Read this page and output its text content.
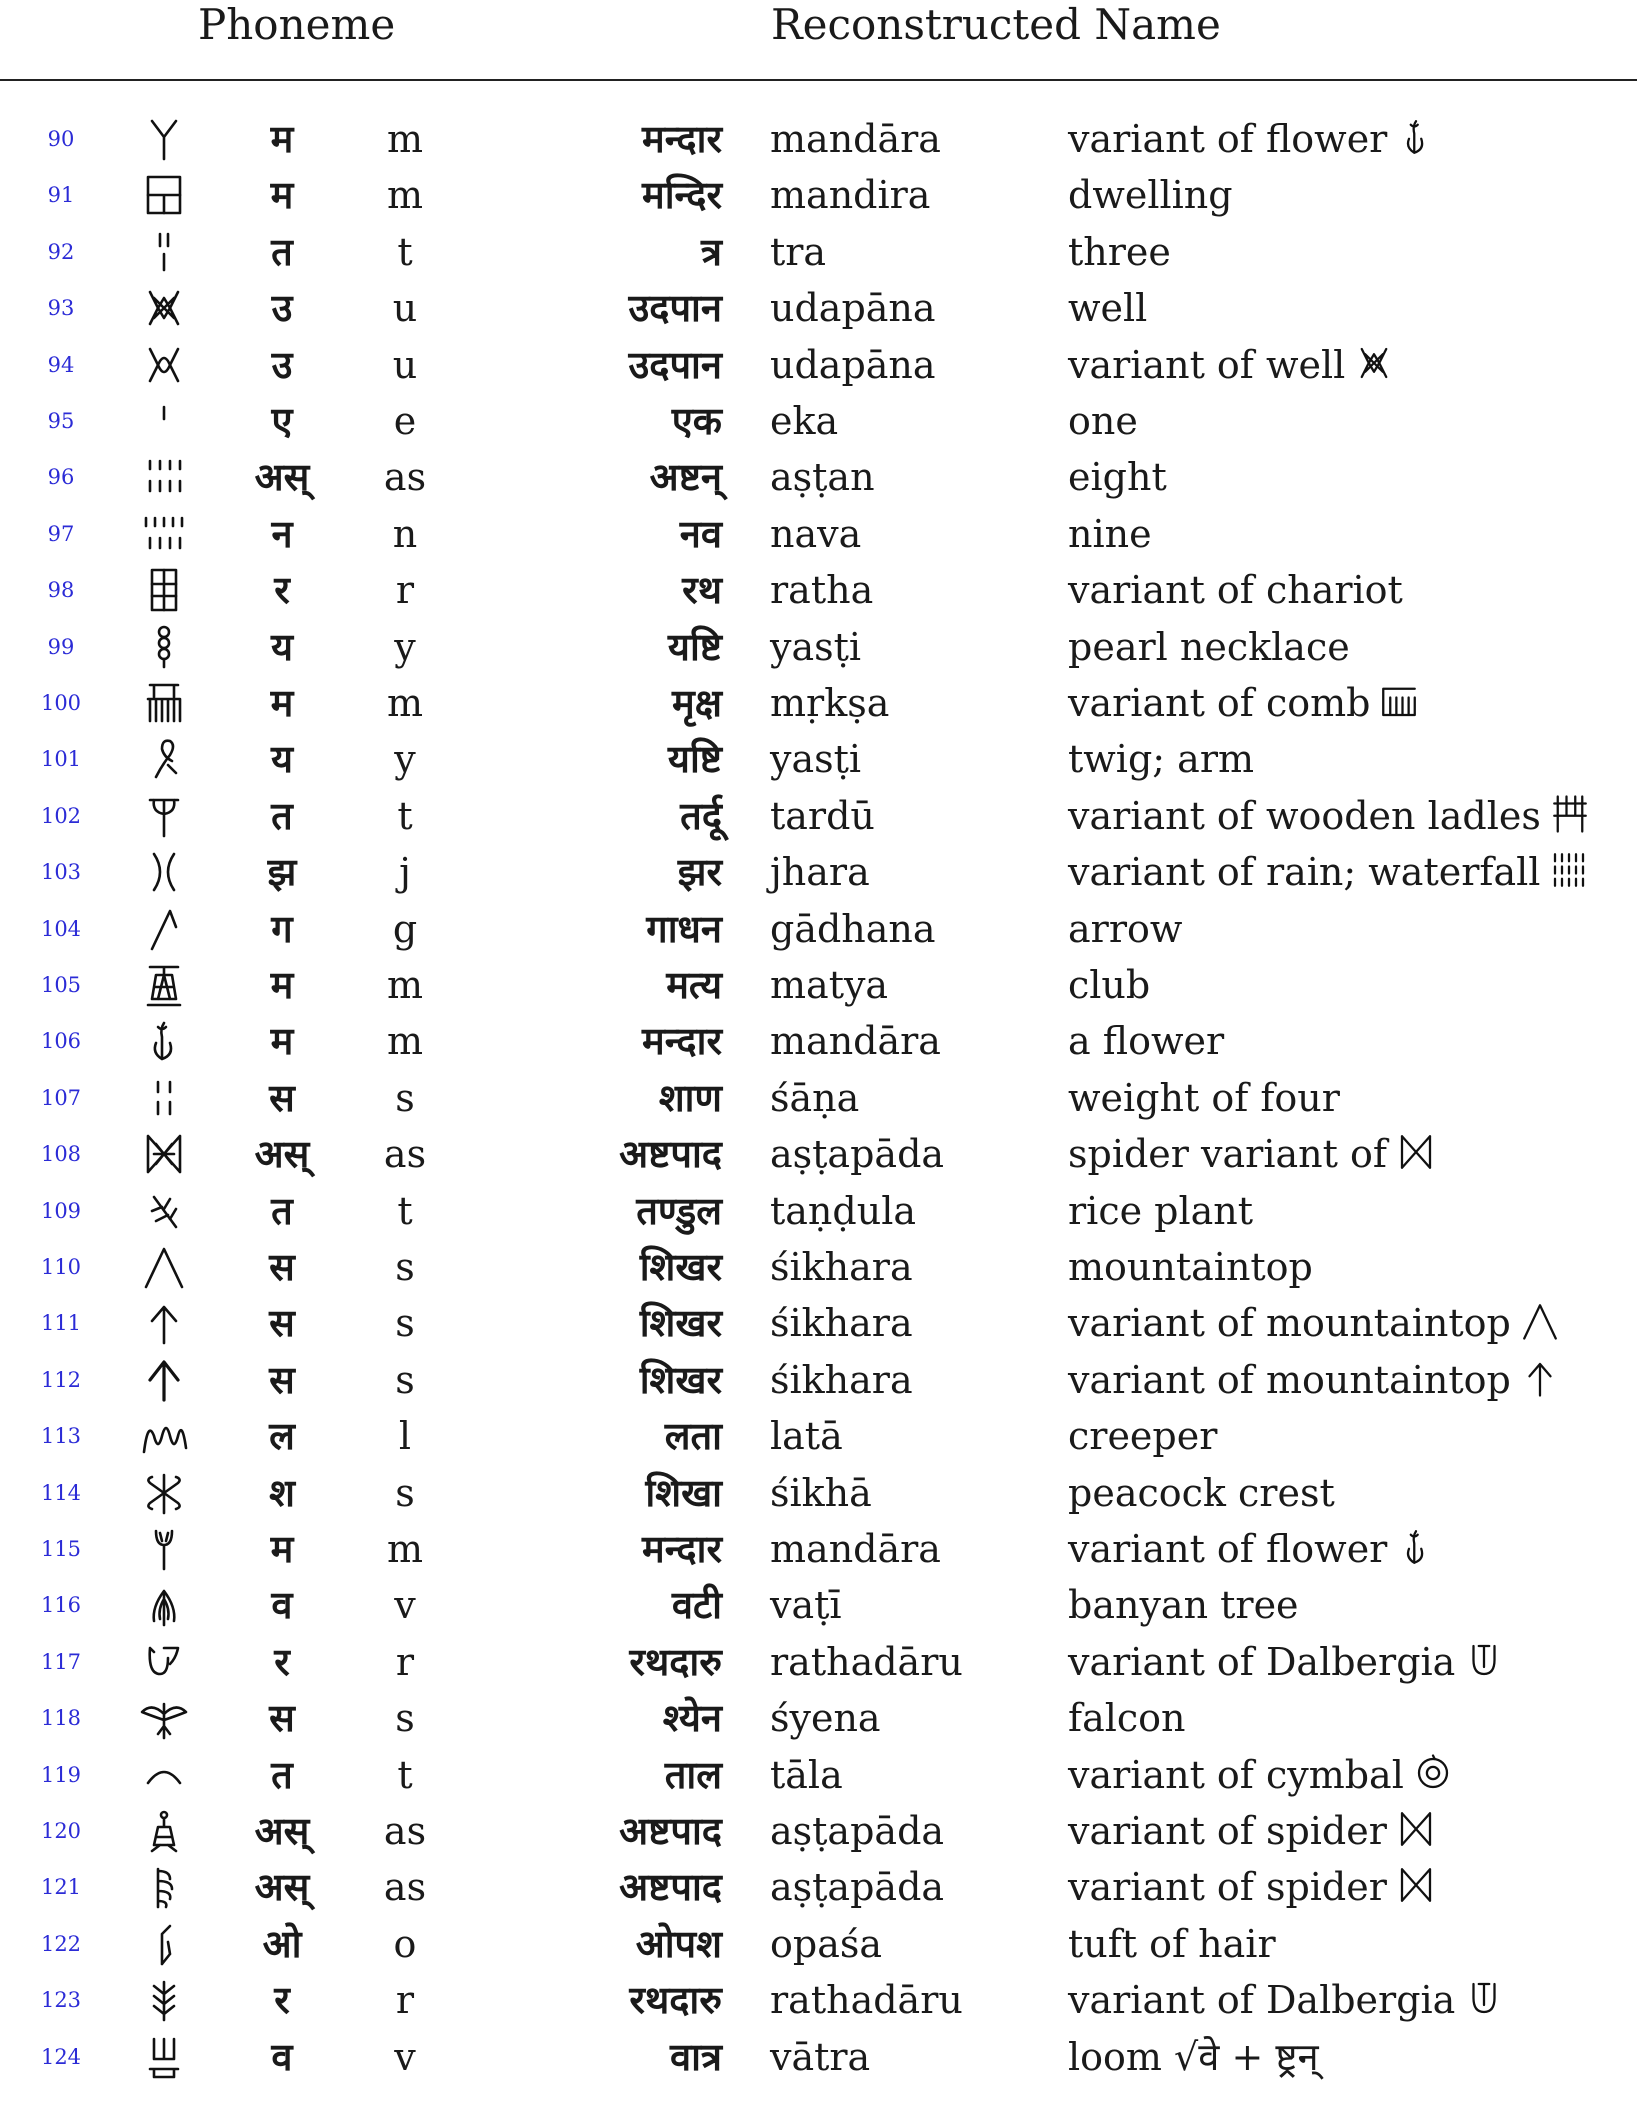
Phoneme	Reconstructed Name
90	म	m	मन्दार mandāra	variant of flower
91	म	m	मन्दिर mandira	dwelling
92	त	t	त्र tra	three
93	उ	u	उदपान udapāna	well
94	उ	u	उदपान udapāna	variant of well
95	ए	e	एक eka	one
96	अस्	as	अष्टन् aṣṭan	eight
97	न	n	नव nava	nine
98	र	r	रथ ratha	variant of chariot
99	य	y	यष्टि yasṭi	pearl necklace
100	म	m	मृक्ष mṛkṣa	variant of comb
101	य	y	यष्टि yasṭi	twig; arm
102	त	t	तर्दू tardū	variant of wooden ladles
103	झ	j	झर jhara	variant of rain; waterfall
104	ग	g	गाधन gādhana	arrow
105	म	m	मत्य matya	club
106	म	m	मन्दार mandāra	a flower
107	स	s	शाण śāṇa	weight of four
108	अस्	as	अष्टपाद aṣṭapāda	spider variant of
109	त	t	तण्डुल taṇḍula	rice plant
110	स	s	शिखर śikhara	mountaintop
111	स	s	शिखर śikhara	variant of mountaintop
112	स	s	शिखर śikhara	variant of mountaintop
113	ल	l	लता latā	creeper
114	श	s	शिखा śikhā	peacock crest
115	म	m	मन्दार mandāra	variant of flower
116	व	v	वटी vaṭī	banyan tree
117	र	r	रथदारु rathadāru	variant of Dalbergia
118	स	s	श्येन śyena	falcon
119	त	t	ताल tāla	variant of cymbal
120	अस्	as	अष्टपाद aṣṭapāda	variant of spider
121	अस्	as	अष्टपाद aṣṭapāda	variant of spider
122	ओ	o	ओपश opaśa	tuft of hair
123	र	r	रथदारु rathadāru	variant of Dalbergia
124	व	v	वात्र vātra	loom √वे + ष्ट्रन्
